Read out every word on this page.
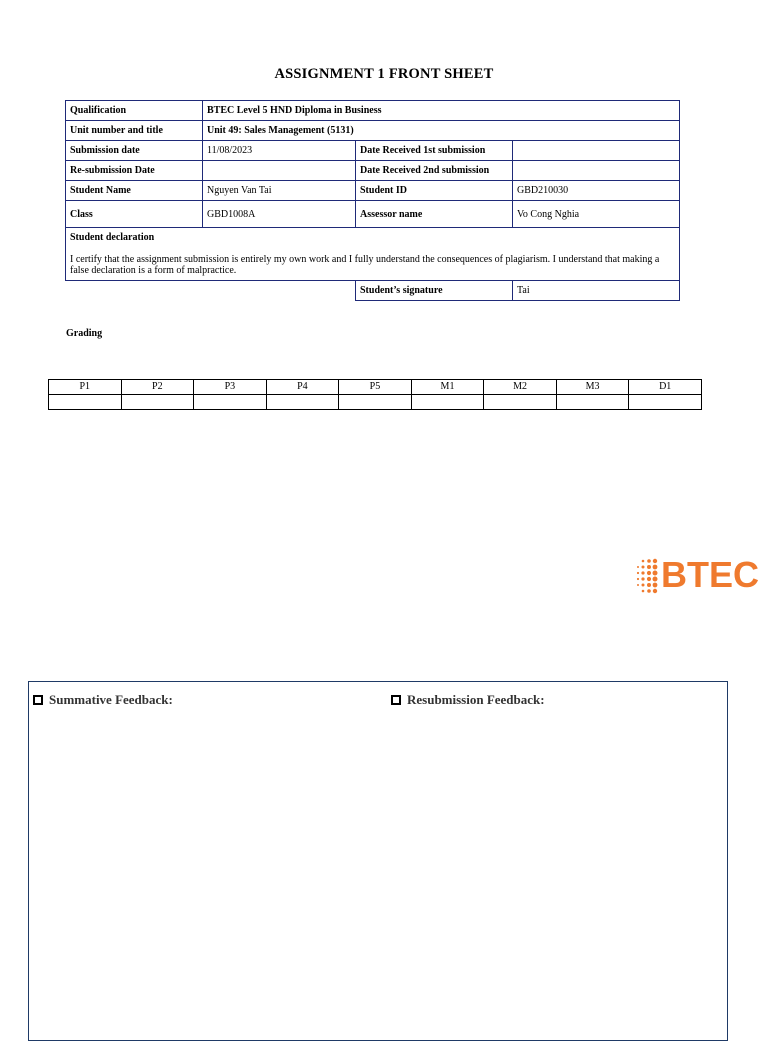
ASSIGNMENT 1 FRONT SHEET
Qualification	BTEC Level 5 HND Diploma in Business		
Unit number and title	Unit 49: Sales Management (5131)		
Submission date	11/08/2023	Date Received 1st submission	
Re-submission Date		Date Received 2nd submission	
Student Name	Nguyen Van Tai	Student ID	GBD210030
Class	GBD1008A	Assessor name	Vo Cong Nghia

Student declaration
I certify that the assignment submission is entirely my own work and I fully understand the consequences of plagiarism. I understand that making a false declaration is a form of malpractice.			

		Student’s signature	Tai
Grading
P1	P2	P3	P4	P5	M1	M2	M3	D1

BTEC
Summative Feedback:	Resubmission Feedback:
